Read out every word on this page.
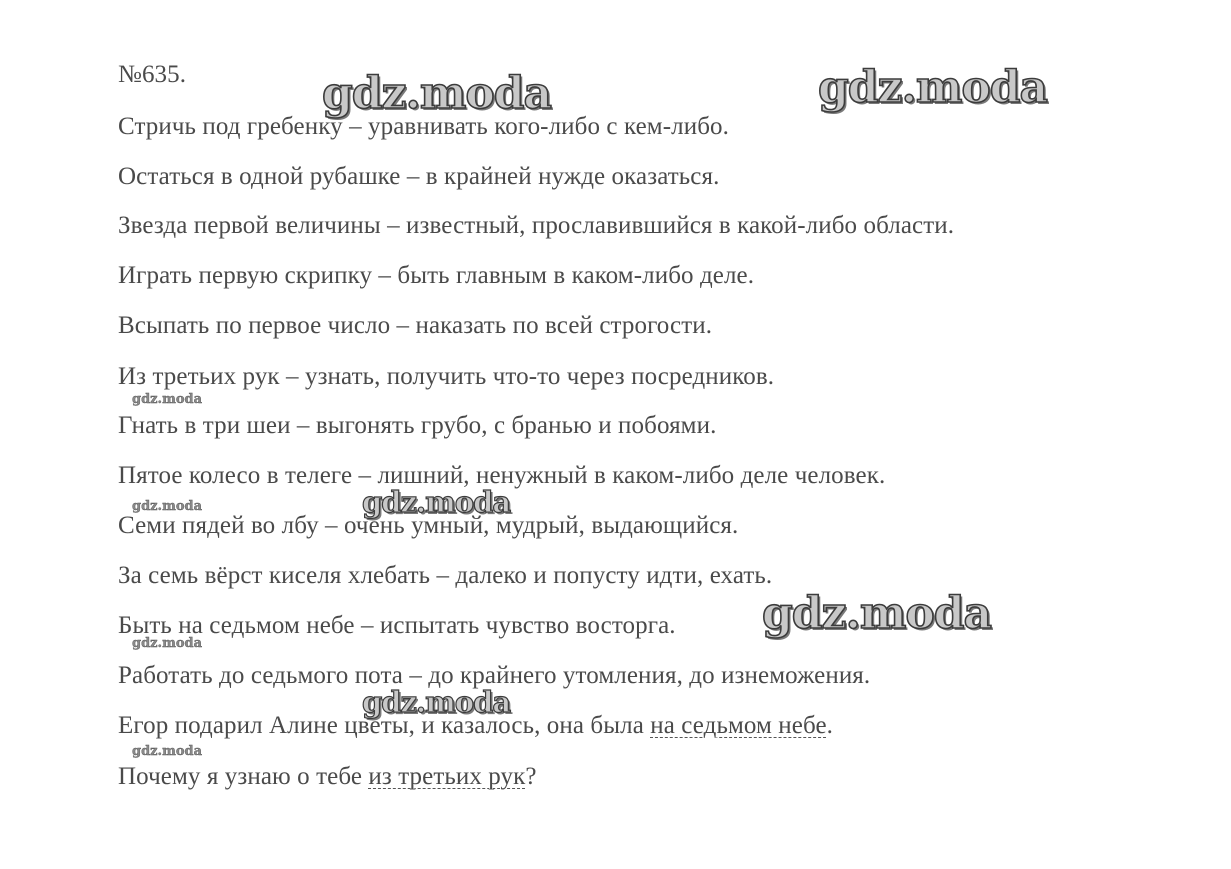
№635.
Стричь под гребенку – уравнивать кого-либо с кем-либо.
Остаться в одной рубашке – в крайней нужде оказаться.
Звезда первой величины – известный, прославившийся в какой-либо области.
Играть первую скрипку – быть главным в каком-либо деле.
Всыпать по первое число – наказать по всей строгости.
Из третьих рук – узнать, получить что-то через посредников.
Гнать в три шеи – выгонять грубо, с бранью и побоями.
Пятое колесо в телеге – лишний, ненужный в каком-либо деле человек.
Семи пядей во лбу – очень умный, мудрый, выдающийся.
За семь вёрст киселя хлебать – далеко и попусту идти, ехать.
Быть на седьмом небе – испытать чувство восторга.
Работать до седьмого пота – до крайнего утомления, до изнеможения.
Егор подарил Алине цветы, и казалось, она была на седьмом небе.
Почему я узнаю о тебе из третьих рук?
gdz.moda	gdz.moda
gdz.moda
gdz.moda
gdz.moda
gdz.moda
gdz.moda
gdz.moda
gdz.moda
